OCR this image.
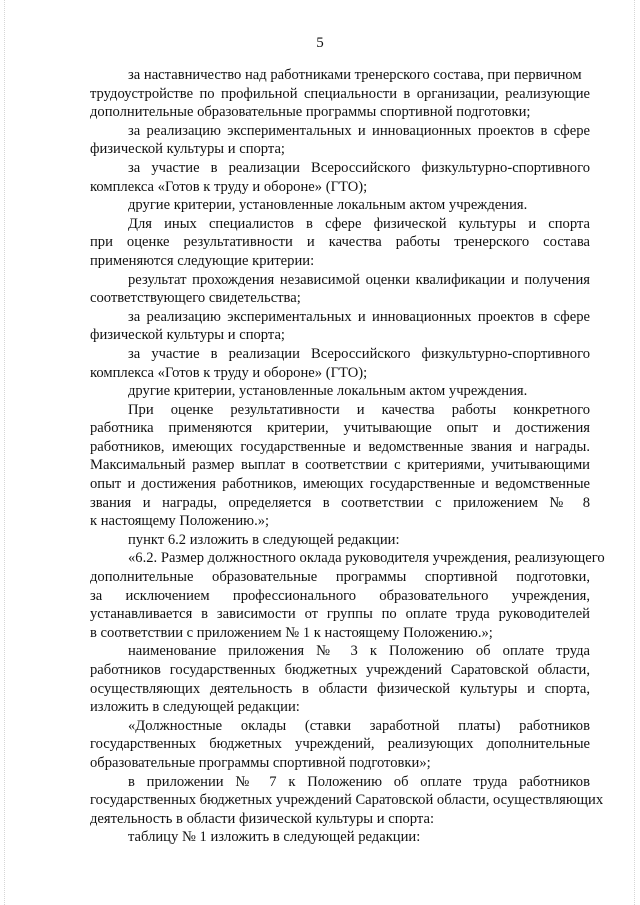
5
за наставничество над работниками тренерского состава, при первичном
трудоустройстве по профильной специальности в организации, реализующие
дополнительные образовательные программы спортивной подготовки;
за реализацию экспериментальных и инновационных проектов в сфере
физической культуры и спорта;
за участие в реализации Всероссийского физкультурно-спортивного
комплекса «Готов к труду и обороне» (ГТО);
другие критерии, установленные локальным актом учреждения.
Для иных специалистов в сфере физической культуры и спорта
при оценке результативности и качества работы тренерского состава
применяются следующие критерии:
результат прохождения независимой оценки квалификации и получения
соответствующего свидетельства;
за реализацию экспериментальных и инновационных проектов в сфере
физической культуры и спорта;
за участие в реализации Всероссийского физкультурно-спортивного
комплекса «Готов к труду и обороне» (ГТО);
другие критерии, установленные локальным актом учреждения.
При оценке результативности и качества работы конкретного
работника применяются критерии, учитывающие опыт и достижения
работников, имеющих государственные и ведомственные звания и награды.
Максимальный размер выплат в соответствии с критериями, учитывающими
опыт и достижения работников, имеющих государственные и ведомственные
звания и награды, определяется в соответствии с приложением № 8
к настоящему Положению.»;
пункт 6.2 изложить в следующей редакции:
«6.2. Размер должностного оклада руководителя учреждения, реализующего
дополнительные образовательные программы спортивной подготовки,
за исключением профессионального образовательного учреждения,
устанавливается в зависимости от группы по оплате труда руководителей
в соответствии с приложением № 1 к настоящему Положению.»;
наименование приложения № 3 к Положению об оплате труда
работников государственных бюджетных учреждений Саратовской области,
осуществляющих деятельность в области физической культуры и спорта,
изложить в следующей редакции:
«Должностные оклады (ставки заработной платы) работников
государственных бюджетных учреждений, реализующих дополнительные
образовательные программы спортивной подготовки»;
в приложении № 7 к Положению об оплате труда работников
государственных бюджетных учреждений Саратовской области, осуществляющих
деятельность в области физической культуры и спорта:
таблицу № 1 изложить в следующей редакции:
